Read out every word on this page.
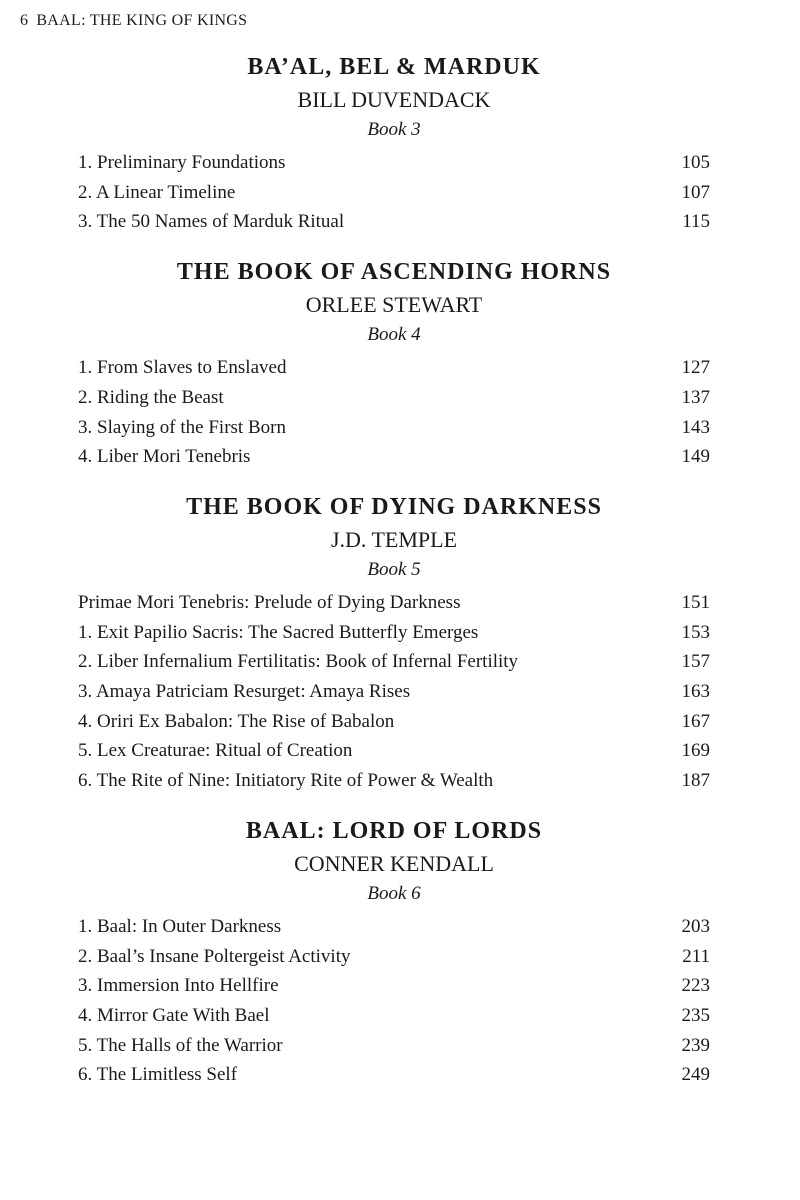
6 BAAL: THE KING OF KINGS
BA’AL, BEL & MARDUK
BILL DUVENDACK
Book 3
1. Preliminary Foundations	105
2. A Linear Timeline	107
3. The 50 Names of Marduk Ritual	115
THE BOOK OF ASCENDING HORNS
ORLEE STEWART
Book 4
1. From Slaves to Enslaved	127
2. Riding the Beast	137
3. Slaying of the First Born	143
4. Liber Mori Tenebris	149
THE BOOK OF DYING DARKNESS
J.D. TEMPLE
Book 5
Primae Mori Tenebris: Prelude of Dying Darkness	151
1. Exit Papilio Sacris: The Sacred Butterfly Emerges	153
2. Liber Infernalium Fertilitatis: Book of Infernal Fertility	157
3. Amaya Patriciam Resurget: Amaya Rises	163
4. Oriri Ex Babalon: The Rise of Babalon	167
5. Lex Creaturae: Ritual of Creation	169
6. The Rite of Nine: Initiatory Rite of Power & Wealth	187
BAAL: LORD OF LORDS
CONNER KENDALL
Book 6
1. Baal: In Outer Darkness	203
2. Baal’s Insane Poltergeist Activity	211
3. Immersion Into Hellfire	223
4. Mirror Gate With Bael	235
5. The Halls of the Warrior	239
6. The Limitless Self	249
